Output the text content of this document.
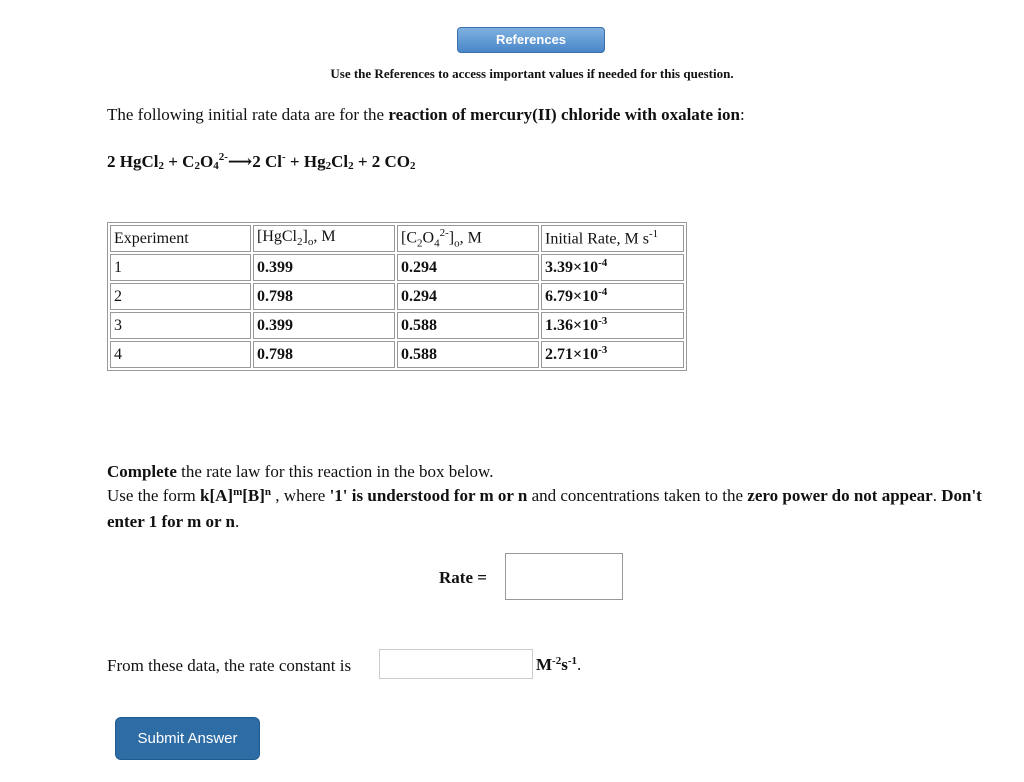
References
Use the References to access important values if needed for this question.
The following initial rate data are for the reaction of mercury(II) chloride with oxalate ion:
2 HgCl$_2$ + $C_2O_4^{2-}⟶2$ $Cl^- + Hg_2Cl_2 + 2$ $CO_2$
Experiment	$[HgCl_2]_o$, M	$[C_2O_4^{2-}]_o$, M	Initial Rate, M $s^{-1}$
1	0.399	0.294	$3.39\times 10^{-4}$
2	0.798	0.294	$6.79\times 10^{-4}$
3	0.399	0.588	$1.36\times 10^{-3}$
4	0.798	0.588	$2.71\times 10^{-3}$
Complete the rate law for this reaction in the box below.
Use the form $k[A]^m[B]^n$ , where '1' is understood for m or n and concentrations taken to the zero power do not appear. Don't enter 1 for m or n.
Rate =
From these data, the rate constant is	$M^{-2}s^{-1}$.
Submit Answer
